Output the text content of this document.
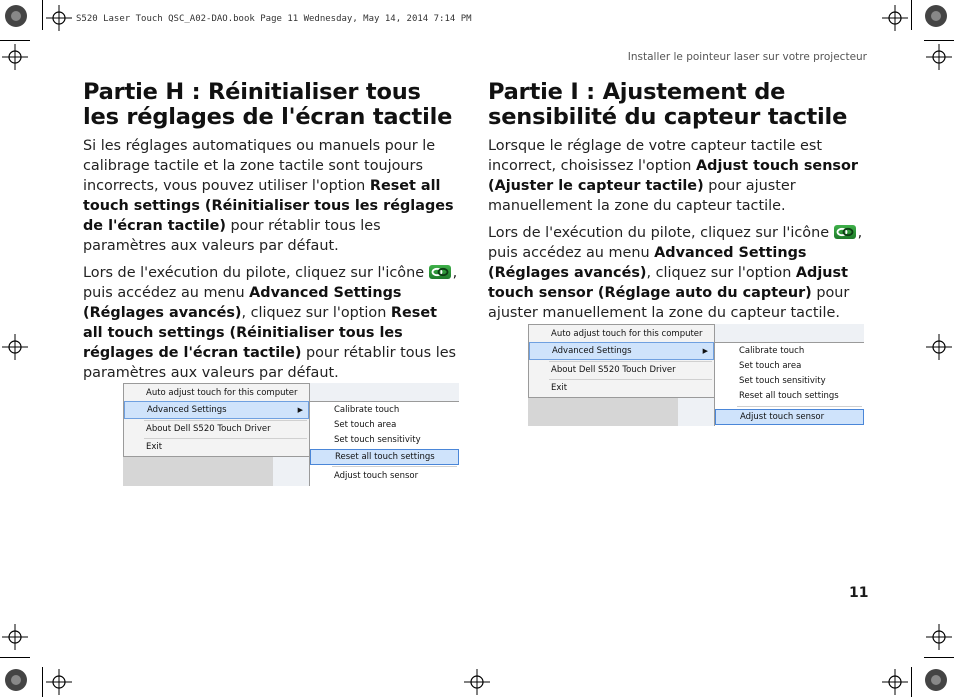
S520 Laser Touch QSC_A02-DAO.book Page 11 Wednesday, May 14, 2014 7:14 PM
Installer le pointeur laser sur votre projecteur
Partie H : Réinitialiser tous les réglages de l'écran tactile

Si les réglages automatiques ou manuels pour le calibrage tactile et la zone tactile sont toujours incorrects, vous pouvez utiliser l'option Reset all touch settings (Réinitialiser tous les réglages de l'écran tactile) pour rétablir tous les paramètres aux valeurs par défaut.

Lors de l'exécution du pilote, cliquez sur l'icône
, puis accédez au menu Advanced Settings (Réglages avancés), cliquez sur l'option Reset all touch settings (Réinitialiser tous les réglages de l'écran tactile) pour rétablir tous les paramètres aux valeurs par défaut.

Auto adjust touch for this computer
Advanced Settings	▶
About Dell S520 Touch Driver
Exit
Calibrate touch
Set touch area
Set touch sensitivity
Reset all touch settings
Adjust touch sensor
Partie I : Ajustement de sensibilité du capteur tactile

Lorsque le réglage de votre capteur tactile est incorrect, choisissez l'option Adjust touch sensor (Ajuster le capteur tactile) pour ajuster manuellement la zone du capteur tactile.

Lors de l'exécution du pilote, cliquez sur l'icône
, puis accédez au menu Advanced Settings (Réglages avancés), cliquez sur l'option Adjust touch sensor (Réglage auto du capteur) pour ajuster manuellement la zone du capteur tactile.

Auto adjust touch for this computer
Advanced Settings	▶
About Dell S520 Touch Driver
Exit
Calibrate touch
Set touch area
Set touch sensitivity
Reset all touch settings
Adjust touch sensor
11
